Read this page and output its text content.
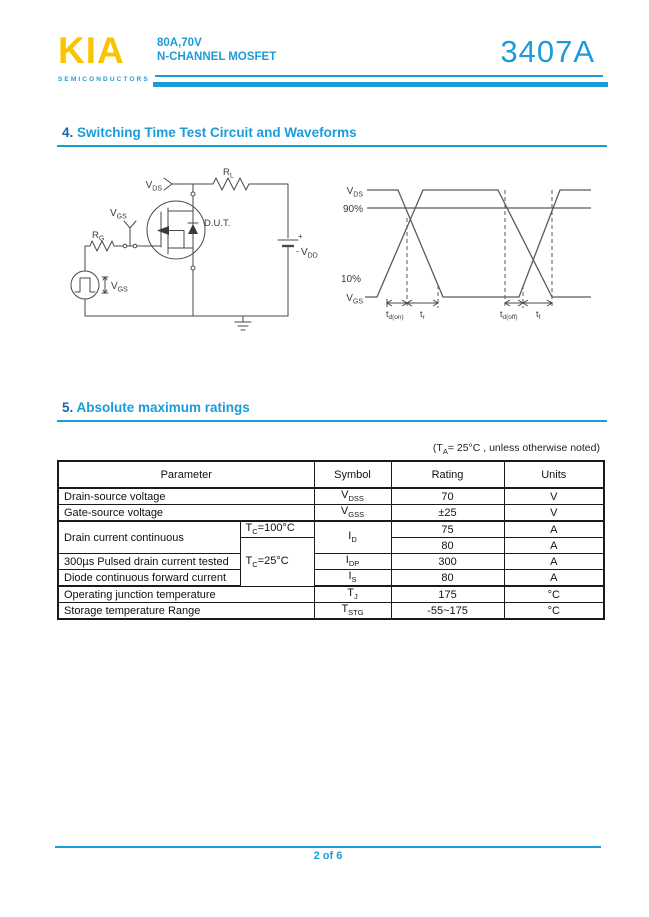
KIA
SEMICONDUCTORS
80A,70V
N-CHANNEL MOSFET	3407A
4. Switching Time Test Circuit and Waveforms
$V_{DS}$
$R_L$
+
- $V_{DD}$
D.U.T.
$R_G$
$V_{GS}$
$V_{GS}$
$V_{DS}$
90%
10%
$V_{GS}$
$t_{d(on)}$ $t_r$	$t_{d(off)}$ $t_f$
5. Absolute maximum ratings
($T_A= 25^\circ C$ , unless otherwise noted)
Parameter		Symbol	Rating	Units
Drain-source voltage		$V_{DSS}$	70	V
Gate-source voltage		$V_{GSS}$	±25	V
Drain current continuous	$T_C=100^\circ C$	$I_D$	75	A
	$T_C=25^\circ C$		80	A
300µs Pulsed drain current tested		$I_{DP}$	300	A
Diode continuous forward current		$I_S$	80	A
Operating junction temperature		$T_J$	175	°C
Storage temperature Range		$T_{STG}$	-55~175	°C
2 of 6
